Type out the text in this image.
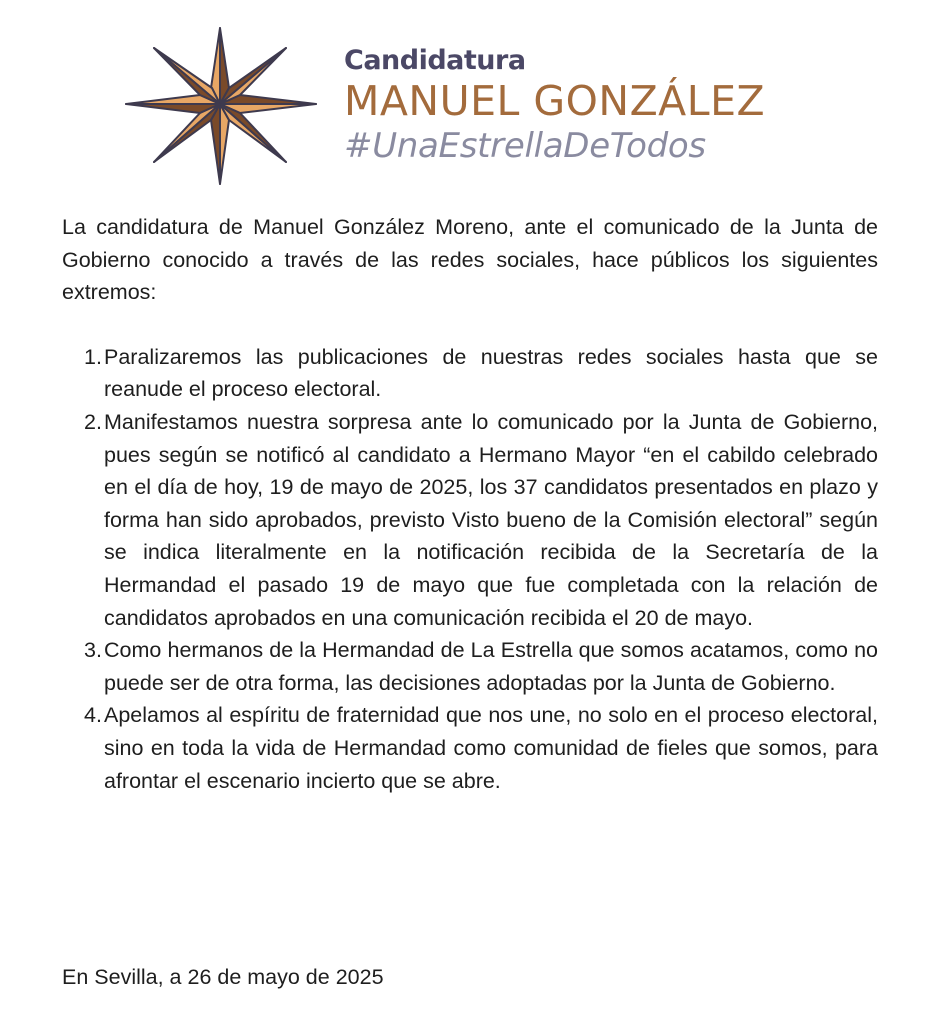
Candidatura
MANUEL GONZÁLEZ
#UnaEstrellaDeTodos

La candidatura de Manuel González Moreno, ante el comunicado de la Junta de Gobierno conocido a través de las redes sociales, hace públicos los siguientes extremos:

1. Paralizaremos las publicaciones de nuestras redes sociales hasta que se reanude el proceso electoral.
2. Manifestamos nuestra sorpresa ante lo comunicado por la Junta de Gobierno, pues según se notificó al candidato a Hermano Mayor “en el cabildo celebrado en el día de hoy, 19 de mayo de 2025, los 37 candidatos presentados en plazo y forma han sido aprobados, previsto Visto bueno de la Comisión electoral” según se indica literalmente en la notificación recibida de la Secretaría de la Hermandad el pasado 19 de mayo que fue completada con la relación de candidatos aprobados en una comunicación recibida el 20 de mayo.
3. Como hermanos de la Hermandad de La Estrella que somos acatamos, como no puede ser de otra forma, las decisiones adoptadas por la Junta de Gobierno.
4. Apelamos al espíritu de fraternidad que nos une, no solo en el proceso electoral, sino en toda la vida de Hermandad como comunidad de fieles que somos, para afrontar el escenario incierto que se abre.
En Sevilla, a 26 de mayo de 2025
